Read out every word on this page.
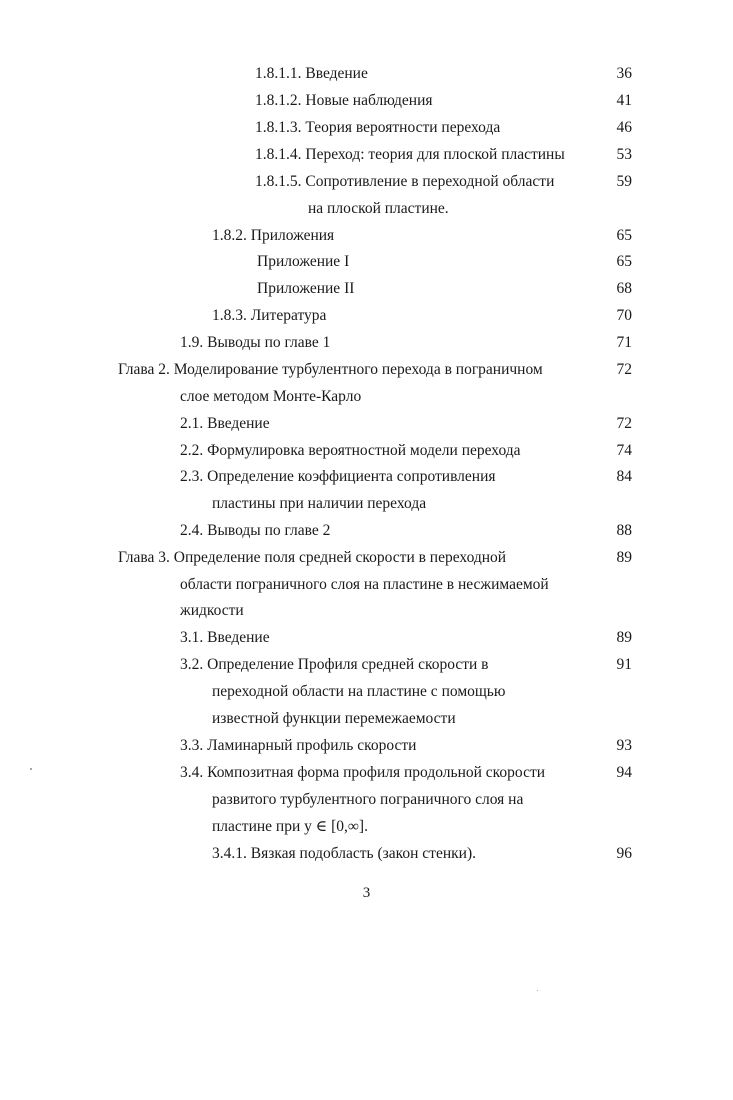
1.8.1.1. Введение	36
1.8.1.2. Новые наблюдения	41
1.8.1.3. Теория вероятности перехода	46
1.8.1.4. Переход: теория для плоской пластины	53
1.8.1.5. Сопротивление в переходной области	59
на плоской пластине.
1.8.2. Приложения	65
Приложение I	65
Приложение II	68
1.8.3. Литература	70
1.9. Выводы по главе 1	71
Глава 2. Моделирование турбулентного перехода в пограничном	72
слое методом Монте-Карло
2.1. Введение	72
2.2. Формулировка вероятностной модели перехода	74
2.3. Определение коэффициента сопротивления	84
пластины при наличии перехода
2.4. Выводы по главе 2	88
Глава 3. Определение поля средней скорости в переходной	89
области пограничного слоя на пластине в несжимаемой
жидкости
3.1. Введение	89
3.2. Определение Профиля средней скорости в	91
переходной области на пластине с помощью
известной функции перемежаемости
3.3. Ламинарный профиль скорости	93
3.4. Композитная форма профиля продольной скорости	94
развитого турбулентного пограничного слоя на
пластине при y ∈ [0,∞].
3.4.1. Вязкая подобласть (закон стенки).	96
3
